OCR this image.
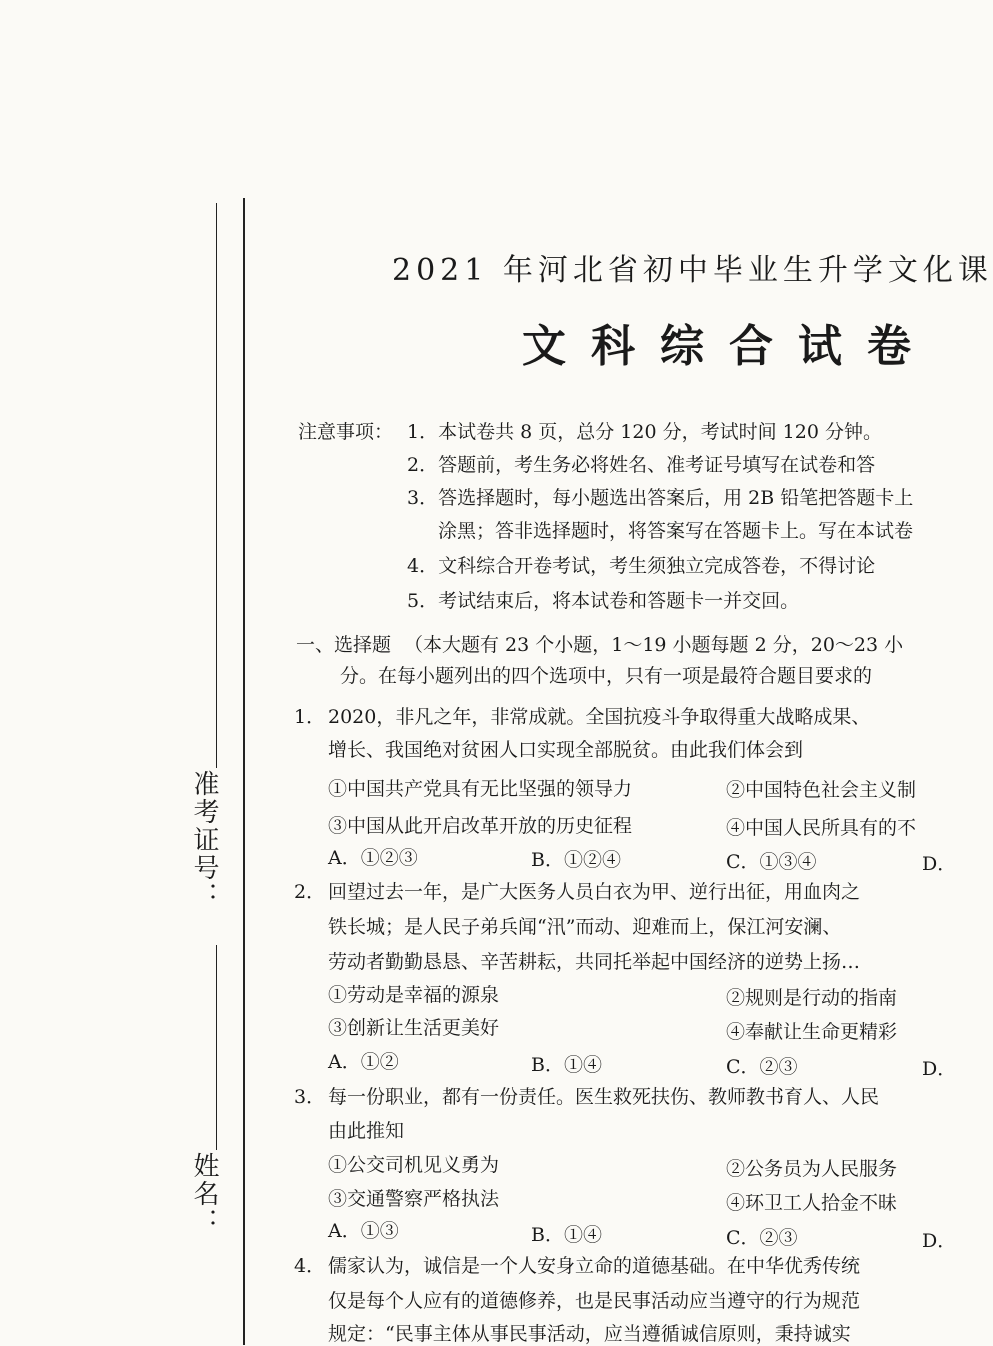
准考证号：
姓名：
2021 年河北省初中毕业生升学文化课
文科综合试卷
注意事项： 1．本试卷共 8 页，总分 120 分，考试时间 120 分钟。
2．答题前，考生务必将姓名、准考证号填写在试卷和答
3．答选择题时，每小题选出答案后，用 2B 铅笔把答题卡上
涂黑；答非选择题时，将答案写在答题卡上。写在本试卷
4．文科综合开卷考试，考生须独立完成答卷，不得讨论
5．考试结束后，将本试卷和答题卡一并交回。
一、选择题 （本大题有 23 个小题，1～19 小题每题 2 分，20～23 小
分。在每小题列出的四个选项中，只有一项是最符合题目要求的
1． 2020，非凡之年，非常成就。全国抗疫斗争取得重大战略成果、
增长、我国绝对贫困人口实现全部脱贫。由此我们体会到
①中国共产党具有无比坚强的领导力	②中国特色社会主义制
③中国从此开启改革开放的历史征程	④中国人民所具有的不
A．①②③	B．①②④	C．①③④	D．
2． 回望过去一年，是广大医务人员白衣为甲、逆行出征，用血肉之
铁长城；是人民子弟兵闻“汛”而动、迎难而上，保江河安澜、
劳动者勤勤恳恳、辛苦耕耘，共同托举起中国经济的逆势上扬…
①劳动是幸福的源泉	②规则是行动的指南
③创新让生活更美好	④奉献让生命更精彩
A．①②	B．①④	C．②③	D．
3． 每一份职业，都有一份责任。医生救死扶伤、教师教书育人、人民
由此推知
①公交司机见义勇为	②公务员为人民服务
③交通警察严格执法	④环卫工人拾金不昧
A．①③	B．①④	C．②③	D．
4． 儒家认为，诚信是一个人安身立命的道德基础。在中华优秀传统
仅是每个人应有的道德修养，也是民事活动应当遵守的行为规范
规定：“民事主体从事民事活动，应当遵循诚信原则，秉持诚实
